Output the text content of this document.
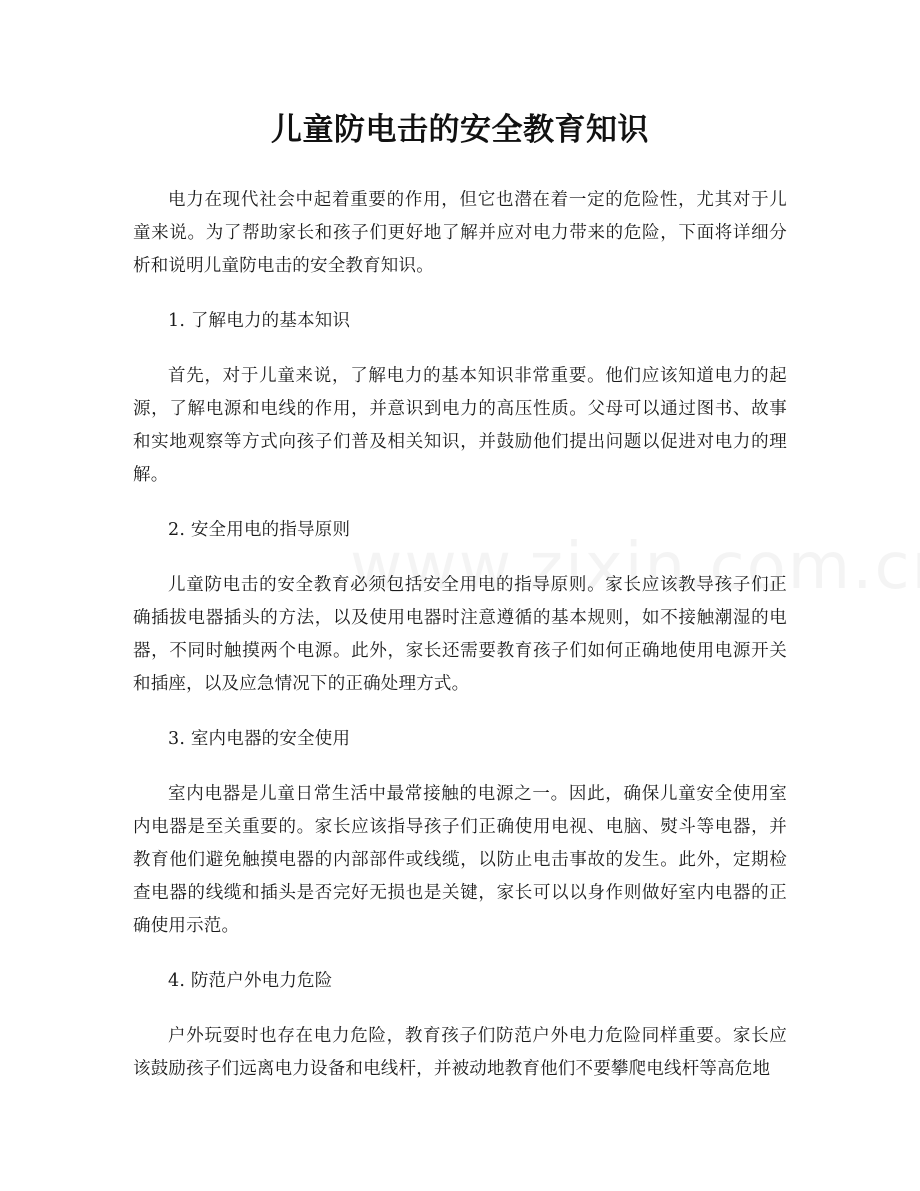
儿童防电击的安全教育知识

电力在现代社会中起着重要的作用，但它也潜在着一定的危险性，尤其对于儿童来说。为了帮助家长和孩子们更好地了解并应对电力带来的危险，下面将详细分析和说明儿童防电击的安全教育知识。

1. 了解电力的基本知识

首先，对于儿童来说，了解电力的基本知识非常重要。他们应该知道电力的起源，了解电源和电线的作用，并意识到电力的高压性质。父母可以通过图书、故事和实地观察等方式向孩子们普及相关知识，并鼓励他们提出问题以促进对电力的理解。

2. 安全用电的指导原则

儿童防电击的安全教育必须包括安全用电的指导原则。家长应该教导孩子们正确插拔电器插头的方法，以及使用电器时注意遵循的基本规则，如不接触潮湿的电器，不同时触摸两个电源。此外，家长还需要教育孩子们如何正确地使用电源开关和插座，以及应急情况下的正确处理方式。

3. 室内电器的安全使用

室内电器是儿童日常生活中最常接触的电源之一。因此，确保儿童安全使用室内电器是至关重要的。家长应该指导孩子们正确使用电视、电脑、熨斗等电器，并教育他们避免触摸电器的内部部件或线缆，以防止电击事故的发生。此外，定期检查电器的线缆和插头是否完好无损也是关键，家长可以以身作则做好室内电器的正确使用示范。

4. 防范户外电力危险

户外玩耍时也存在电力危险，教育孩子们防范户外电力危险同样重要。家长应该鼓励孩子们远离电力设备和电线杆，并被动地教育他们不要攀爬电线杆等高危地
